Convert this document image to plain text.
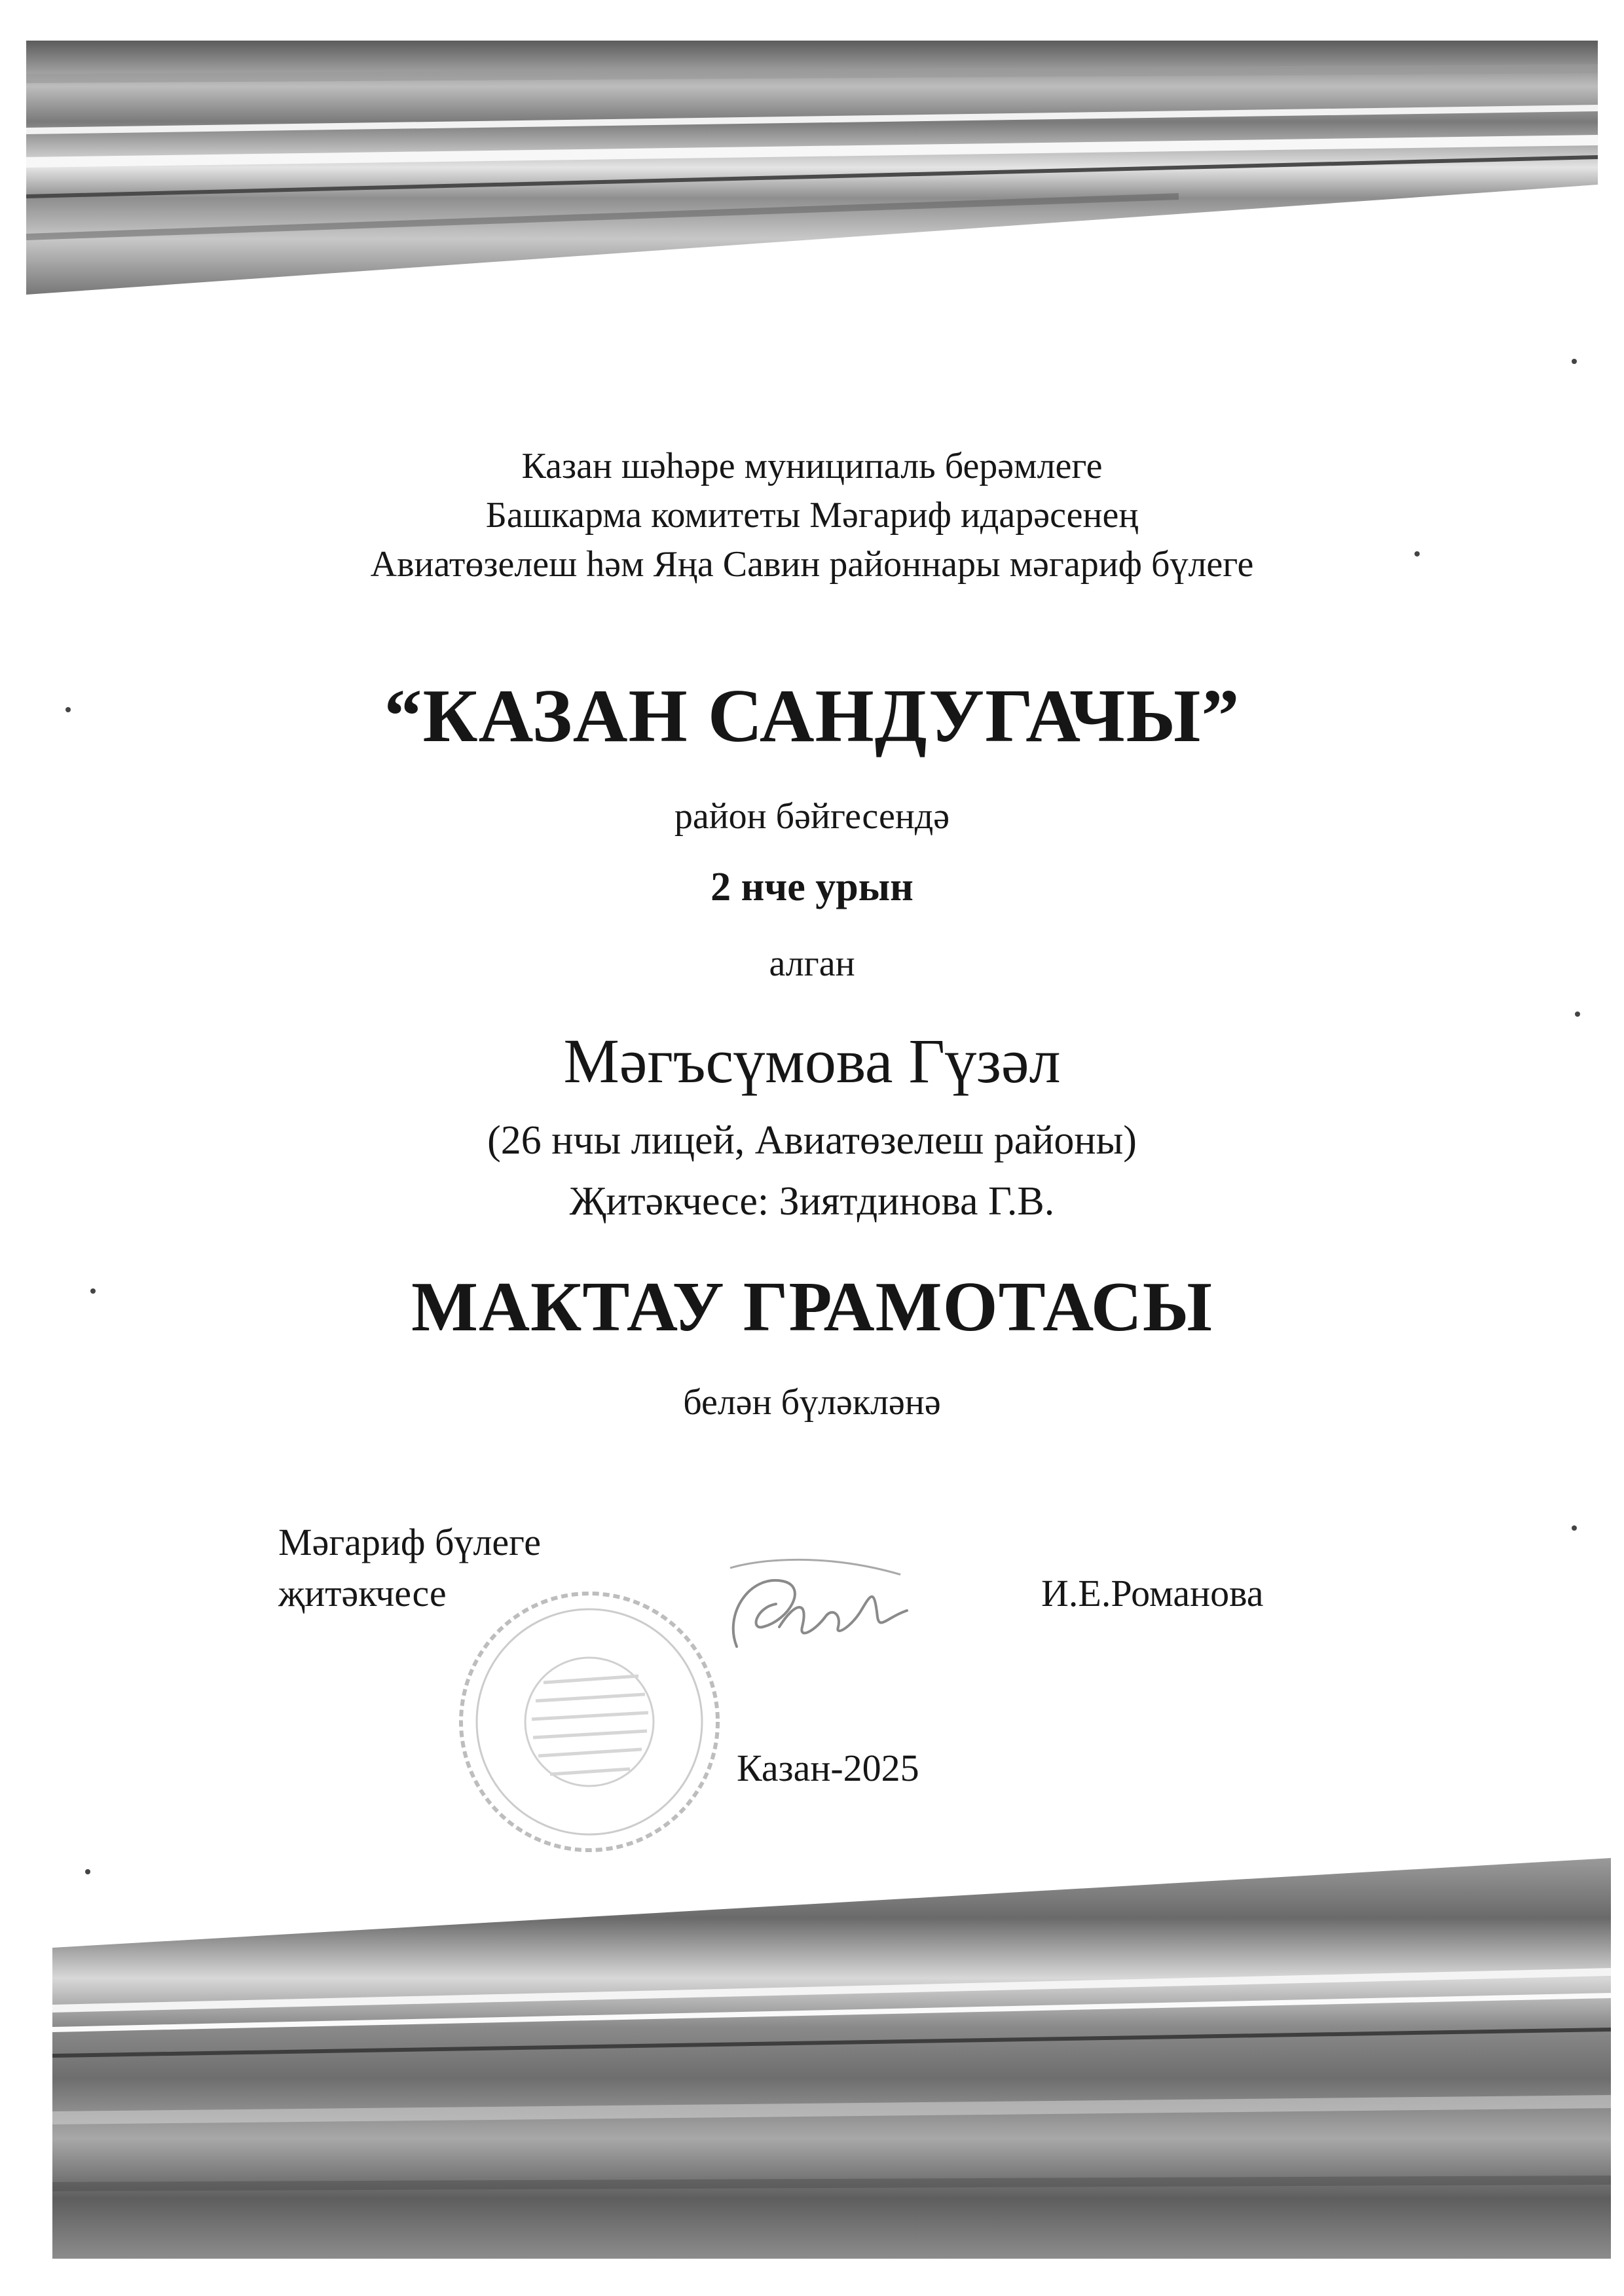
Казан шәһәре муниципаль берәмлеге
Башкарма комитеты Мәгариф идарәсенең
Авиатөзелеш һәм Яңа Савин районнары мәгариф бүлеге
“КАЗАН САНДУГАЧЫ”
район бәйгесендә
2 нче урын
алган
Мәгъсүмова Гүзәл
(26 нчы лицей, Авиатөзелеш районы)
Җитәкчесе: Зиятдинова Г.В.
МАКТАУ ГРАМОТАСЫ
белән бүләкләнә
Мәгариф бүлеге
җитәкчесе	И.Е.Романова
Казан-2025
